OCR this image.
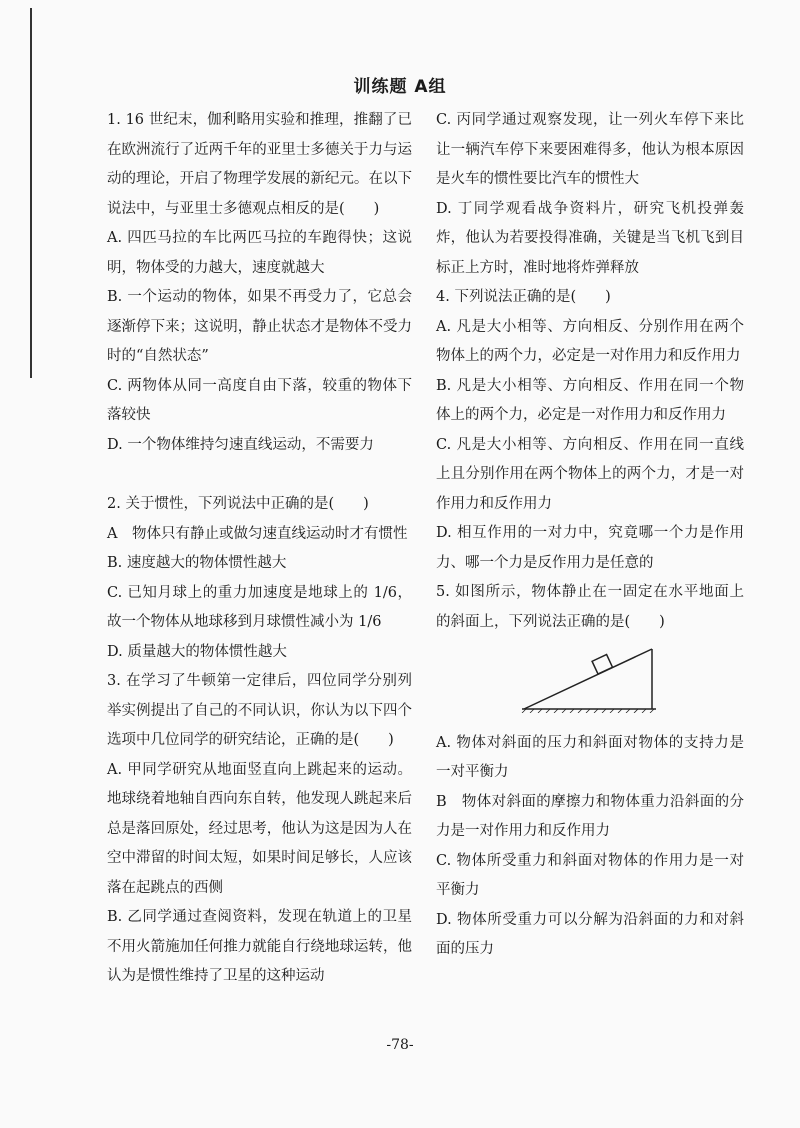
训练题 A组

1. 16 世纪末，伽利略用实验和推理，推翻了已在欧洲流行了近两千年的亚里士多德关于力与运动的理论，开启了物理学发展的新纪元。在以下说法中，与亚里士多德观点相反的是(　　)

A. 四匹马拉的车比两匹马拉的车跑得快；这说明，物体受的力越大，速度就越大

B. 一个运动的物体，如果不再受力了，它总会逐渐停下来；这说明，静止状态才是物体不受力时的“自然状态”

C. 两物体从同一高度自由下落，较重的物体下落较快

D. 一个物体维持匀速直线运动，不需要力

2. 关于惯性，下列说法中正确的是(　　)

A　物体只有静止或做匀速直线运动时才有惯性

B. 速度越大的物体惯性越大

C. 已知月球上的重力加速度是地球上的 1/6，故一个物体从地球移到月球惯性减小为 1/6

D. 质量越大的物体惯性越大

3. 在学习了牛顿第一定律后，四位同学分别列举实例提出了自己的不同认识，你认为以下四个选项中几位同学的研究结论，正确的是(　　)

A. 甲同学研究从地面竖直向上跳起来的运动。地球绕着地轴自西向东自转，他发现人跳起来后总是落回原处，经过思考，他认为这是因为人在空中滞留的时间太短，如果时间足够长，人应该落在起跳点的西侧

B. 乙同学通过查阅资料，发现在轨道上的卫星不用火箭施加任何推力就能自行绕地球运转，他认为是惯性维持了卫星的这种运动

C. 丙同学通过观察发现，让一列火车停下来比让一辆汽车停下来要困难得多，他认为根本原因是火车的惯性要比汽车的惯性大

D. 丁同学观看战争资料片，研究飞机投弹轰炸，他认为若要投得准确，关键是当飞机飞到目标正上方时，准时地将炸弹释放

4. 下列说法正确的是(　　)

A. 凡是大小相等、方向相反、分别作用在两个物体上的两个力，必定是一对作用力和反作用力

B. 凡是大小相等、方向相反、作用在同一个物体上的两个力，必定是一对作用力和反作用力

C. 凡是大小相等、方向相反、作用在同一直线上且分别作用在两个物体上的两个力，才是一对作用力和反作用力

D. 相互作用的一对力中，究竟哪一个力是作用力、哪一个力是反作用力是任意的

5. 如图所示，物体静止在一固定在水平地面上的斜面上，下列说法正确的是(　　)

A. 物体对斜面的压力和斜面对物体的支持力是一对平衡力

B　物体对斜面的摩擦力和物体重力沿斜面的分力是一对作用力和反作用力

C. 物体所受重力和斜面对物体的作用力是一对平衡力

D. 物体所受重力可以分解为沿斜面的力和对斜面的压力

-78-
